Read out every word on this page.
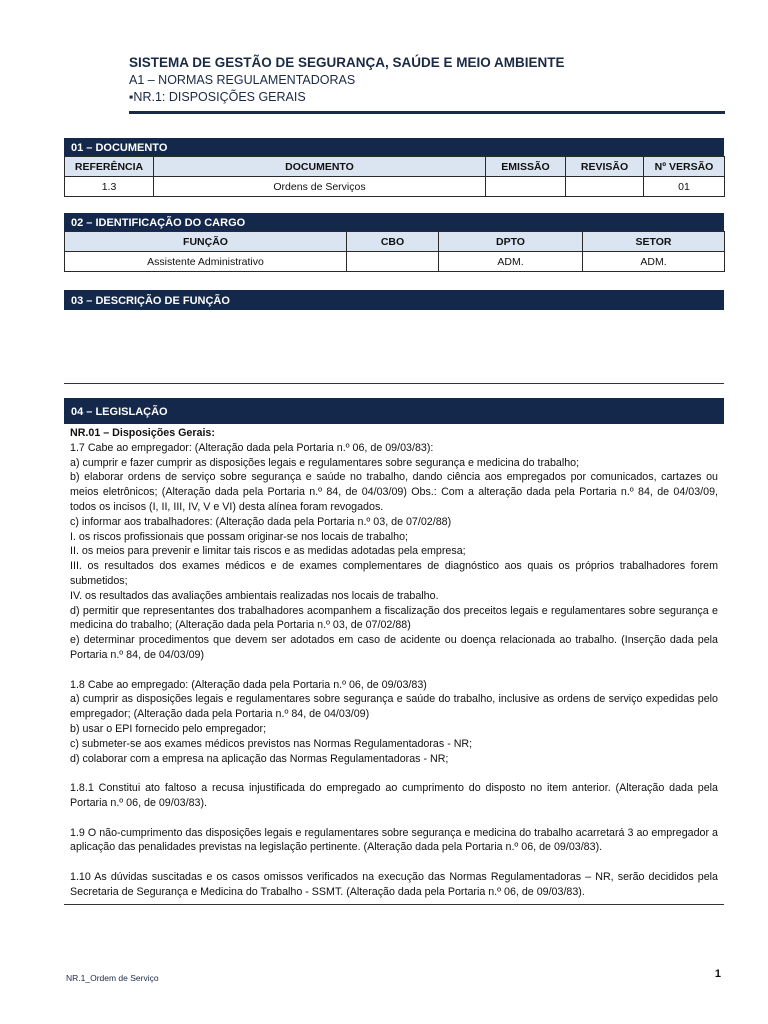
SISTEMA DE GESTÃO DE SEGURANÇA, SAÚDE E MEIO AMBIENTE
A1 – NORMAS REGULAMENTADORAS
▪NR.1: DISPOSIÇÕES GERAIS
01 – DOCUMENTO
REFERÊNCIA	DOCUMENTO	EMISSÃO	REVISÃO	Nº VERSÃO
1.3	Ordens de Serviços			01
02 – IDENTIFICAÇÃO DO CARGO
FUNÇÃO	CBO	DPTO	SETOR
Assistente Administrativo		ADM.	ADM.
03 – DESCRIÇÃO DE FUNÇÃO
04 – LEGISLAÇÃO

NR.01 – Disposições Gerais:

1.7 Cabe ao empregador: (Alteração dada pela Portaria n.º 06, de 09/03/83):

a) cumprir e fazer cumprir as disposições legais e regulamentares sobre segurança e medicina do trabalho;

b) elaborar ordens de serviço sobre segurança e saúde no trabalho, dando ciência aos empregados por comunicados, cartazes ou meios eletrônicos; (Alteração dada pela Portaria n.º 84, de 04/03/09) Obs.: Com a alteração dada pela Portaria n.º 84, de 04/03/09, todos os incisos (I, II, III, IV, V e VI) desta alínea foram revogados.

c) informar aos trabalhadores: (Alteração dada pela Portaria n.º 03, de 07/02/88)

I. os riscos profissionais que possam originar-se nos locais de trabalho;

II. os meios para prevenir e limitar tais riscos e as medidas adotadas pela empresa;

III. os resultados dos exames médicos e de exames complementares de diagnóstico aos quais os próprios trabalhadores forem submetidos;

IV. os resultados das avaliações ambientais realizadas nos locais de trabalho.

d) permitir que representantes dos trabalhadores acompanhem a fiscalização dos preceitos legais e regulamentares sobre segurança e medicina do trabalho; (Alteração dada pela Portaria n.º 03, de 07/02/88)

e) determinar procedimentos que devem ser adotados em caso de acidente ou doença relacionada ao trabalho. (Inserção dada pela Portaria n.º 84, de 04/03/09)

1.8 Cabe ao empregado: (Alteração dada pela Portaria n.º 06, de 09/03/83)

a) cumprir as disposições legais e regulamentares sobre segurança e saúde do trabalho, inclusive as ordens de serviço expedidas pelo empregador; (Alteração dada pela Portaria n.º 84, de 04/03/09)

b) usar o EPI fornecido pelo empregador;

c) submeter-se aos exames médicos previstos nas Normas Regulamentadoras - NR;

d) colaborar com a empresa na aplicação das Normas Regulamentadoras - NR;

1.8.1 Constitui ato faltoso a recusa injustificada do empregado ao cumprimento do disposto no item anterior. (Alteração dada pela Portaria n.º 06, de 09/03/83).

1.9 O não-cumprimento das disposições legais e regulamentares sobre segurança e medicina do trabalho acarretará 3 ao empregador a aplicação das penalidades previstas na legislação pertinente. (Alteração dada pela Portaria n.º 06, de 09/03/83).

1.10 As dúvidas suscitadas e os casos omissos verificados na execução das Normas Regulamentadoras – NR, serão decididos pela Secretaria de Segurança e Medicina do Trabalho - SSMT. (Alteração dada pela Portaria n.º 06, de 09/03/83).

NR.1_Ordem de Serviço	1
